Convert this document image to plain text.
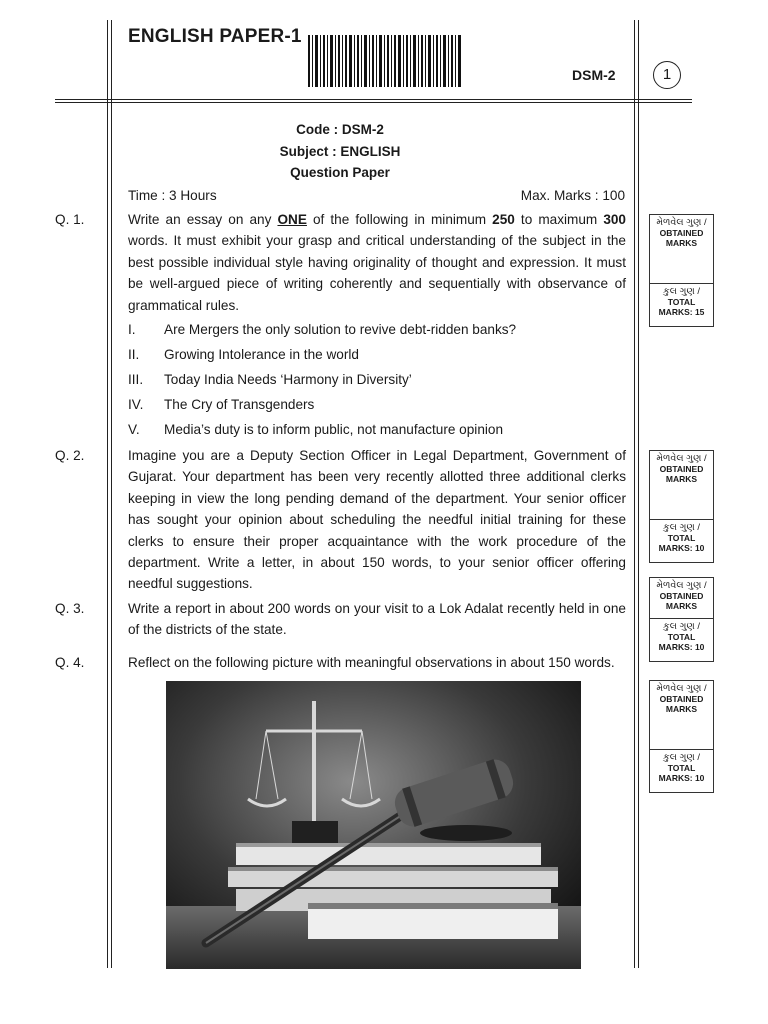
ENGLISH PAPER-1
DSM-2	1
Code : DSM-2
Subject : ENGLISH
Question Paper
Time : 3 Hours	Max. Marks : 100
Q. 1.	Write an essay on any ONE of the following in minimum 250 to maximum 300 words. It must exhibit your grasp and critical understanding of the subject in the best possible individual style having originality of thought and expression. It must be well-argued piece of writing coherently and sequentially with observance of grammatical rules.
I. Are Mergers the only solution to revive debt-ridden banks?
II. Growing Intolerance in the world
III. Today India Needs ‘Harmony in Diversity’
IV. The Cry of Transgenders
V. Media’s duty is to inform public, not manufacture opinion
Q. 2.	Imagine you are a Deputy Section Officer in Legal Department, Government of Gujarat. Your department has been very recently allotted three additional clerks keeping in view the long pending demand of the department. Your senior officer has sought your opinion about scheduling the needful initial training for these clerks to ensure their proper acquaintance with the work procedure of the department. Write a letter, in about 150 words, to your senior officer offering needful suggestions.
Q. 3.	Write a report in about 200 words on your visit to a Lok Adalat recently held in one of the districts of the state.
Q. 4.	Reflect on the following picture with meaningful observations in about 150 words.
મેળવેલ ગુણ /
OBTAINED MARKS
કુલ ગુણ /
TOTAL MARKS: 15
મેળવેલ ગુણ /
OBTAINED MARKS
કુલ ગુણ /
TOTAL MARKS: 10
મેળવેલ ગુણ /
OBTAINED MARKS
કુલ ગુણ /
TOTAL MARKS: 10
મેળવેલ ગુણ /
OBTAINED MARKS
કુલ ગુણ /
TOTAL MARKS: 10
